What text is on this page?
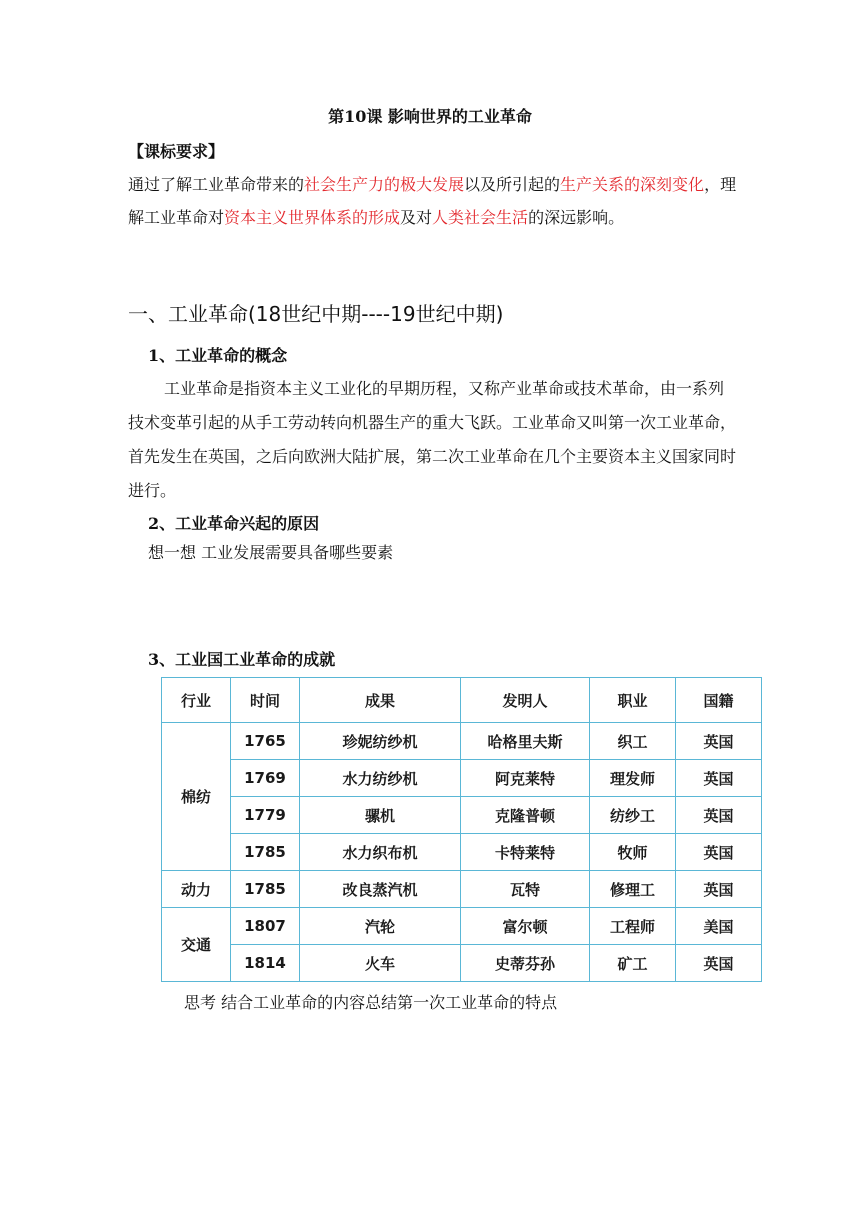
第10课 影响世界的工业革命
【课标要求】
通过了解工业革命带来的社会生产力的极大发展以及所引起的生产关系的深刻变化，理解工业革命对资本主义世界体系的形成及对人类社会生活的深远影响。
一、工业革命(18世纪中期----19世纪中期)
1、工业革命的概念
工业革命是指资本主义工业化的早期历程，又称产业革命或技术革命，由一系列技术变革引起的从手工劳动转向机器生产的重大飞跃。工业革命又叫第一次工业革命，首先发生在英国，之后向欧洲大陆扩展，第二次工业革命在几个主要资本主义国家同时进行。
2、工业革命兴起的原因
想一想 工业发展需要具备哪些要素
3、工业国工业革命的成就
行业	时间	成果	发明人	职业	国籍
棉纺	1765	珍妮纺纱机	哈格里夫斯	织工	英国
	1769	水力纺纱机	阿克莱特	理发师	英国
	1779	骡机	克隆普顿	纺纱工	英国
	1785	水力织布机	卡特莱特	牧师	英国
动力	1785	改良蒸汽机	瓦特	修理工	英国
交通	1807	汽轮	富尔顿	工程师	美国
	1814	火车	史蒂芬孙	矿工	英国
思考 结合工业革命的内容总结第一次工业革命的特点
